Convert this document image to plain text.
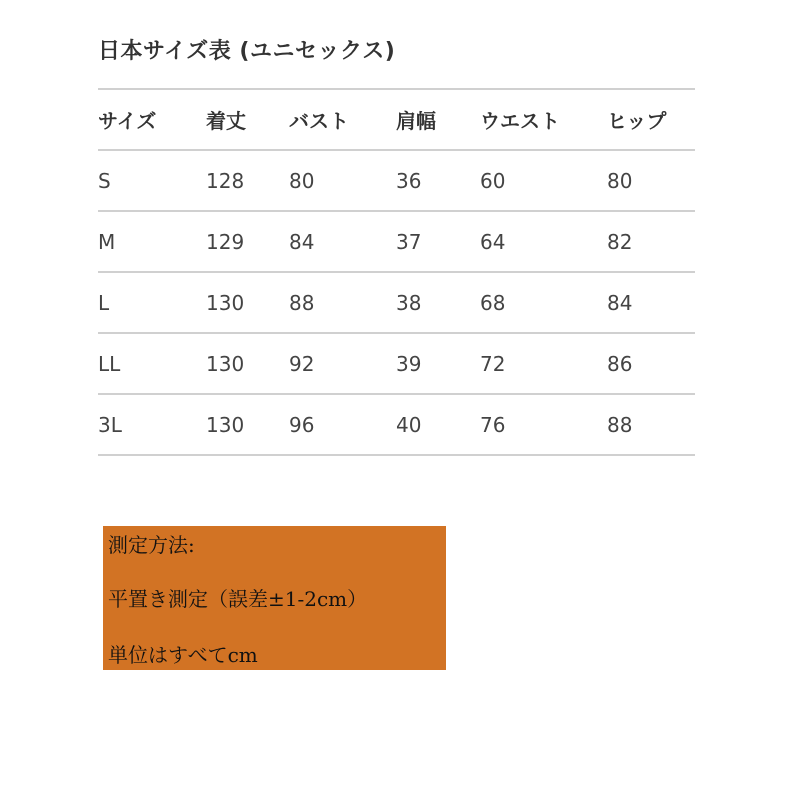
日本サイズ表 (ユニセックス)
サイズ	着丈	バスト	肩幅	ウエスト	ヒップ
S	128	80	36	60	80
M	129	84	37	64	82
L	130	88	38	68	84
LL	130	92	39	72	86
3L	130	96	40	76	88
測定方法:
平置き測定（誤差±1-2cm）
単位はすべてcm
